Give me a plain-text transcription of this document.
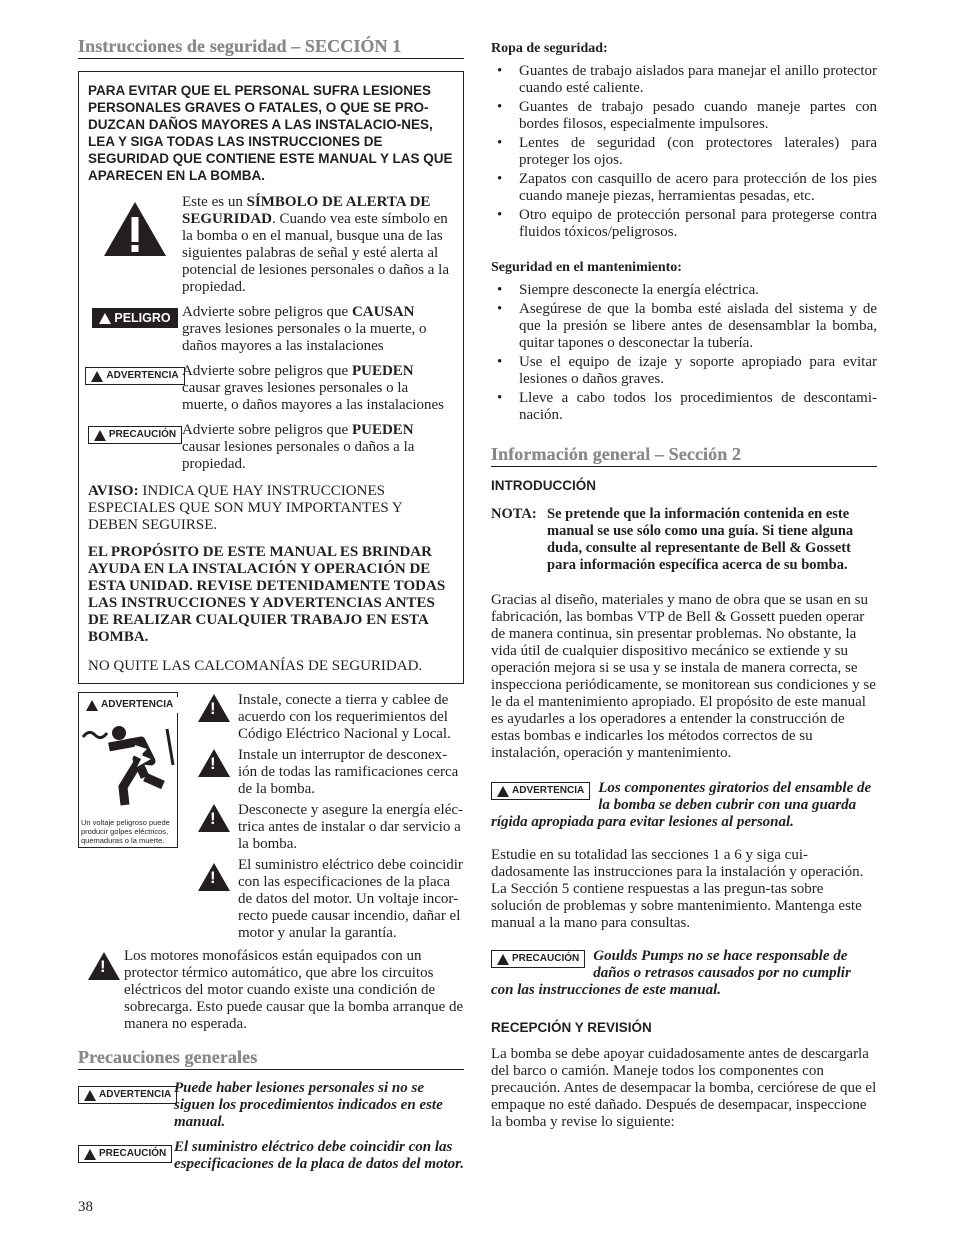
Instrucciones de seguridad – SECCIÓN 1
PARA EVITAR QUE EL PERSONAL SUFRA LESIONES PERSONALES GRAVES O FATALES, O QUE SE PRO-DUZCAN DAÑOS MAYORES A LAS INSTALACIO-NES, LEA Y SIGA TODAS LAS INSTRUCCIONES DE SEGURIDAD QUE CONTIENE ESTE MANUAL Y LAS QUE APARECEN EN LA BOMBA.
Este es un SÍMBOLO DE ALERTA DE SEGURIDAD. Cuando vea este símbolo en la bomba o en el manual, busque una de las siguientes palabras de señal y esté alerta al potencial de lesiones personales o daños a la propiedad.
PELIGRO Advierte sobre peligros que CAUSAN graves lesiones personales o la muerte, o daños mayores a las instalaciones
ADVERTENCIA Advierte sobre peligros que PUEDEN causar graves lesiones personales o la muerte, o daños mayores a las instalaciones
PRECAUCIÓN Advierte sobre peligros que PUEDEN causar lesiones personales o daños a la propiedad.

AVISO: INDICA QUE HAY INSTRUCCIONES ESPECIALES QUE SON MUY IMPORTANTES Y DEBEN SEGUIRSE.

EL PROPÓSITO DE ESTE MANUAL ES BRINDAR AYUDA EN LA INSTALACIÓN Y OPERACIÓN DE ESTA UNIDAD. REVISE DETENIDAMENTE TODAS LAS INSTRUCCIONES Y ADVERTENCIAS ANTES DE REALIZAR CUALQUIER TRABAJO EN ESTA BOMBA.

NO QUITE LAS CALCOMANÍAS DE SEGURIDAD.

ADVERTENCIA
Un voltaje peligroso puede producir golpes eléctricos, quemaduras o la muerte.
!
Instale, conecte a tierra y cablee de acuerdo con los requerimientos del Código Eléctrico Nacional y Local.
!
Instale un interruptor de desconex-ión de todas las ramificaciones cerca de la bomba.
!
Desconecte y asegure la energía eléc-trica antes de instalar o dar servicio a la bomba.
!
El suministro eléctrico debe coincidir con las especificaciones de la placa de datos del motor. Un voltaje incor-recto puede causar incendio, dañar el motor y anular la garantía.
!
Los motores monofásicos están equipados con un protector térmico automático, que abre los circuitos eléctricos del motor cuando existe una condición de sobrecarga. Esto puede causar que la bomba arranque de manera no esperada.
Precauciones generales
ADVERTENCIA Puede haber lesiones personales si no se siguen los procedimientos indicados en este manual.
PRECAUCIÓN El suministro eléctrico debe coincidir con las especificaciones de la placa de datos del motor.
38
Ropa de seguridad:
• Guantes de trabajo aislados para manejar el anillo protector cuando esté caliente.
• Guantes de trabajo pesado cuando maneje partes con bordes filosos, especialmente impulsores.
• Lentes de seguridad (con protectores laterales) para proteger los ojos.
• Zapatos con casquillo de acero para protección de los pies cuando maneje piezas, herramientas pesadas, etc.
• Otro equipo de protección personal para protegerse contra fluidos tóxicos/peligrosos.
Seguridad en el mantenimiento:
• Siempre desconecte la energía eléctrica.
• Asegúrese de que la bomba esté aislada del sistema y de que la presión se libere antes de desensamblar la bomba, quitar tapones o desconectar la tubería.
• Use el equipo de izaje y soporte apropiado para evitar lesiones o daños graves.
• Lleve a cabo todos los procedimientos de descontami-nación.
Información general – Sección 2
INTRODUCCIÓN
NOTA: Se pretende que la información contenida en este manual se use sólo como una guía. Si tiene alguna duda, consulte al representante de Bell & Gossett para información específica acerca de su bomba.
Gracias al diseño, materiales y mano de obra que se usan en su fabricación, las bombas VTP de Bell & Gossett pueden operar de manera continua, sin presentar problemas. No obstante, la vida útil de cualquier dispositivo mecánico se extiende y su operación mejora si se usa y se instala de manera correcta, se inspecciona periódicamente, se monitorean sus condiciones y se le da el mantenimiento apropiado. El propósito de este manual es ayudarles a los operadores a entender la construcción de estas bombas e indicarles los métodos correctos de su instalación, operación y mantenimiento.
ADVERTENCIA Los componentes giratorios del ensamble de la bomba se deben cubrir con una guarda rígida apropiada para evitar lesiones al personal.
Estudie en su totalidad las secciones 1 a 6 y siga cui-dadosamente las instrucciones para la instalación y operación. La Sección 5 contiene respuestas a las pregun-tas sobre solución de problemas y sobre mantenimiento. Mantenga este manual a la mano para consultas.
PRECAUCIÓN Goulds Pumps no se hace responsable de daños o retrasos causados por no cumplir con las instrucciones de este manual.
RECEPCIÓN Y REVISIÓN
La bomba se debe apoyar cuidadosamente antes de descargarla del barco o camión. Maneje todos los componentes con precaución. Antes de desempacar la bomba, cerciórese de que el empaque no esté dañado. Después de desempacar, inspeccione la bomba y revise lo siguiente:
